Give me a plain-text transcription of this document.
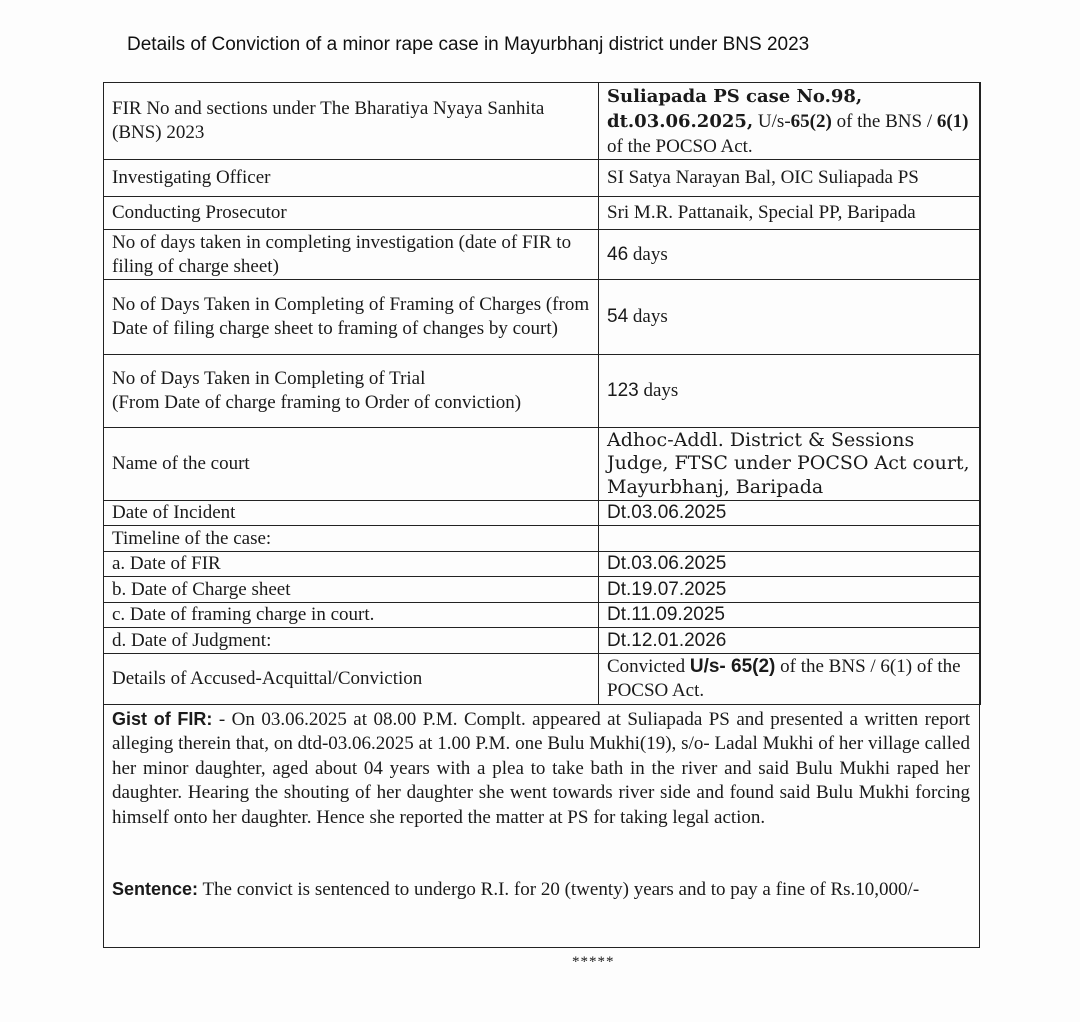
Details of Conviction of a minor rape case in Mayurbhanj district under BNS 2023
FIR No and sections under The Bharatiya Nyaya Sanhita (BNS) 2023	Suliapada PS case No.98, dt.03.06.2025, U/s-65(2) of the BNS / 6(1) of the POCSO Act.
Investigating Officer	SI Satya Narayan Bal, OIC Suliapada PS
Conducting Prosecutor	Sri M.R. Pattanaik, Special PP, Baripada
No of days taken in completing investigation (date of FIR to filing of charge sheet)	46 days
No of Days Taken in Completing of Framing of Charges (from Date of filing charge sheet to framing of changes by court)	54 days

No of Days Taken in Completing of Trial
(From Date of charge framing to Order of conviction)	123 days
Name of the court	Adhoc-Addl. District & Sessions Judge, FTSC under POCSO Act court, Mayurbhanj, Baripada
Date of Incident	Dt.03.06.2025
Timeline of the case:	
a. Date of FIR	Dt.03.06.2025
b. Date of Charge sheet	Dt.19.07.2025
c. Date of framing charge in court.	Dt.11.09.2025
d. Date of Judgment:	Dt.12.01.2026
Details of Accused-Acquittal/Conviction	Convicted U/s- 65(2) of the BNS / 6(1) of the POCSO Act.

Gist of FIR: - On 03.06.2025 at 08.00 P.M. Complt. appeared at Suliapada PS and presented a written report alleging therein that, on dtd-03.06.2025 at 1.00 P.M. one Bulu Mukhi(19), s/o- Ladal Mukhi of her village called her minor daughter, aged about 04 years with a plea to take bath in the river and said Bulu Mukhi raped her daughter. Hearing the shouting of her daughter she went towards river side and found said Bulu Mukhi forcing himself onto her daughter. Hence she reported the matter at PS for taking legal action.

Sentence: The convict is sentenced to undergo R.I. for 20 (twenty) years and to pay a fine of Rs.10,000/-

*****
